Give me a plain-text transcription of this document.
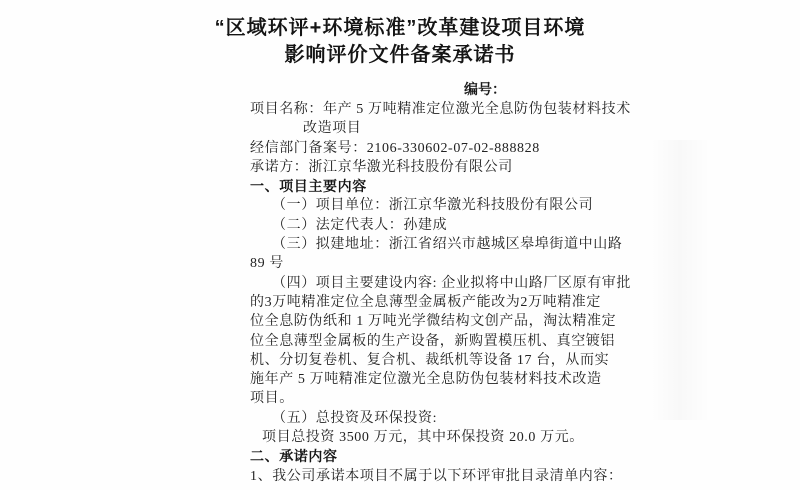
“区域环评+环境标准”改革建设项目环境
影响评价文件备案承诺书
编号：
项目名称：年产 5 万吨精准定位激光全息防伪包装材料技术
改造项目
经信部门备案号：2106-330602-07-02-888828
承诺方：浙江京华激光科技股份有限公司
一、项目主要内容
（一）项目单位：浙江京华激光科技股份有限公司
（二）法定代表人：孙建成
（三）拟建地址：浙江省绍兴市越城区皋埠街道中山路
89 号
（四）项目主要建设内容: 企业拟将中山路厂区原有审批
的3万吨精准定位全息薄型金属板产能改为2万吨精准定
位全息防伪纸和 1 万吨光学微结构文创产品，淘汰精准定
位全息薄型金属板的生产设备，新购置模压机、真空镀铝
机、分切复卷机、复合机、裁纸机等设备 17 台，从而实
施年产 5 万吨精准定位激光全息防伪包装材料技术改造
项目。
（五）总投资及环保投资:
项目总投资 3500 万元，其中环保投资 20.0 万元。
二、承诺内容
1、我公司承诺本项目不属于以下环评审批目录清单内容：
